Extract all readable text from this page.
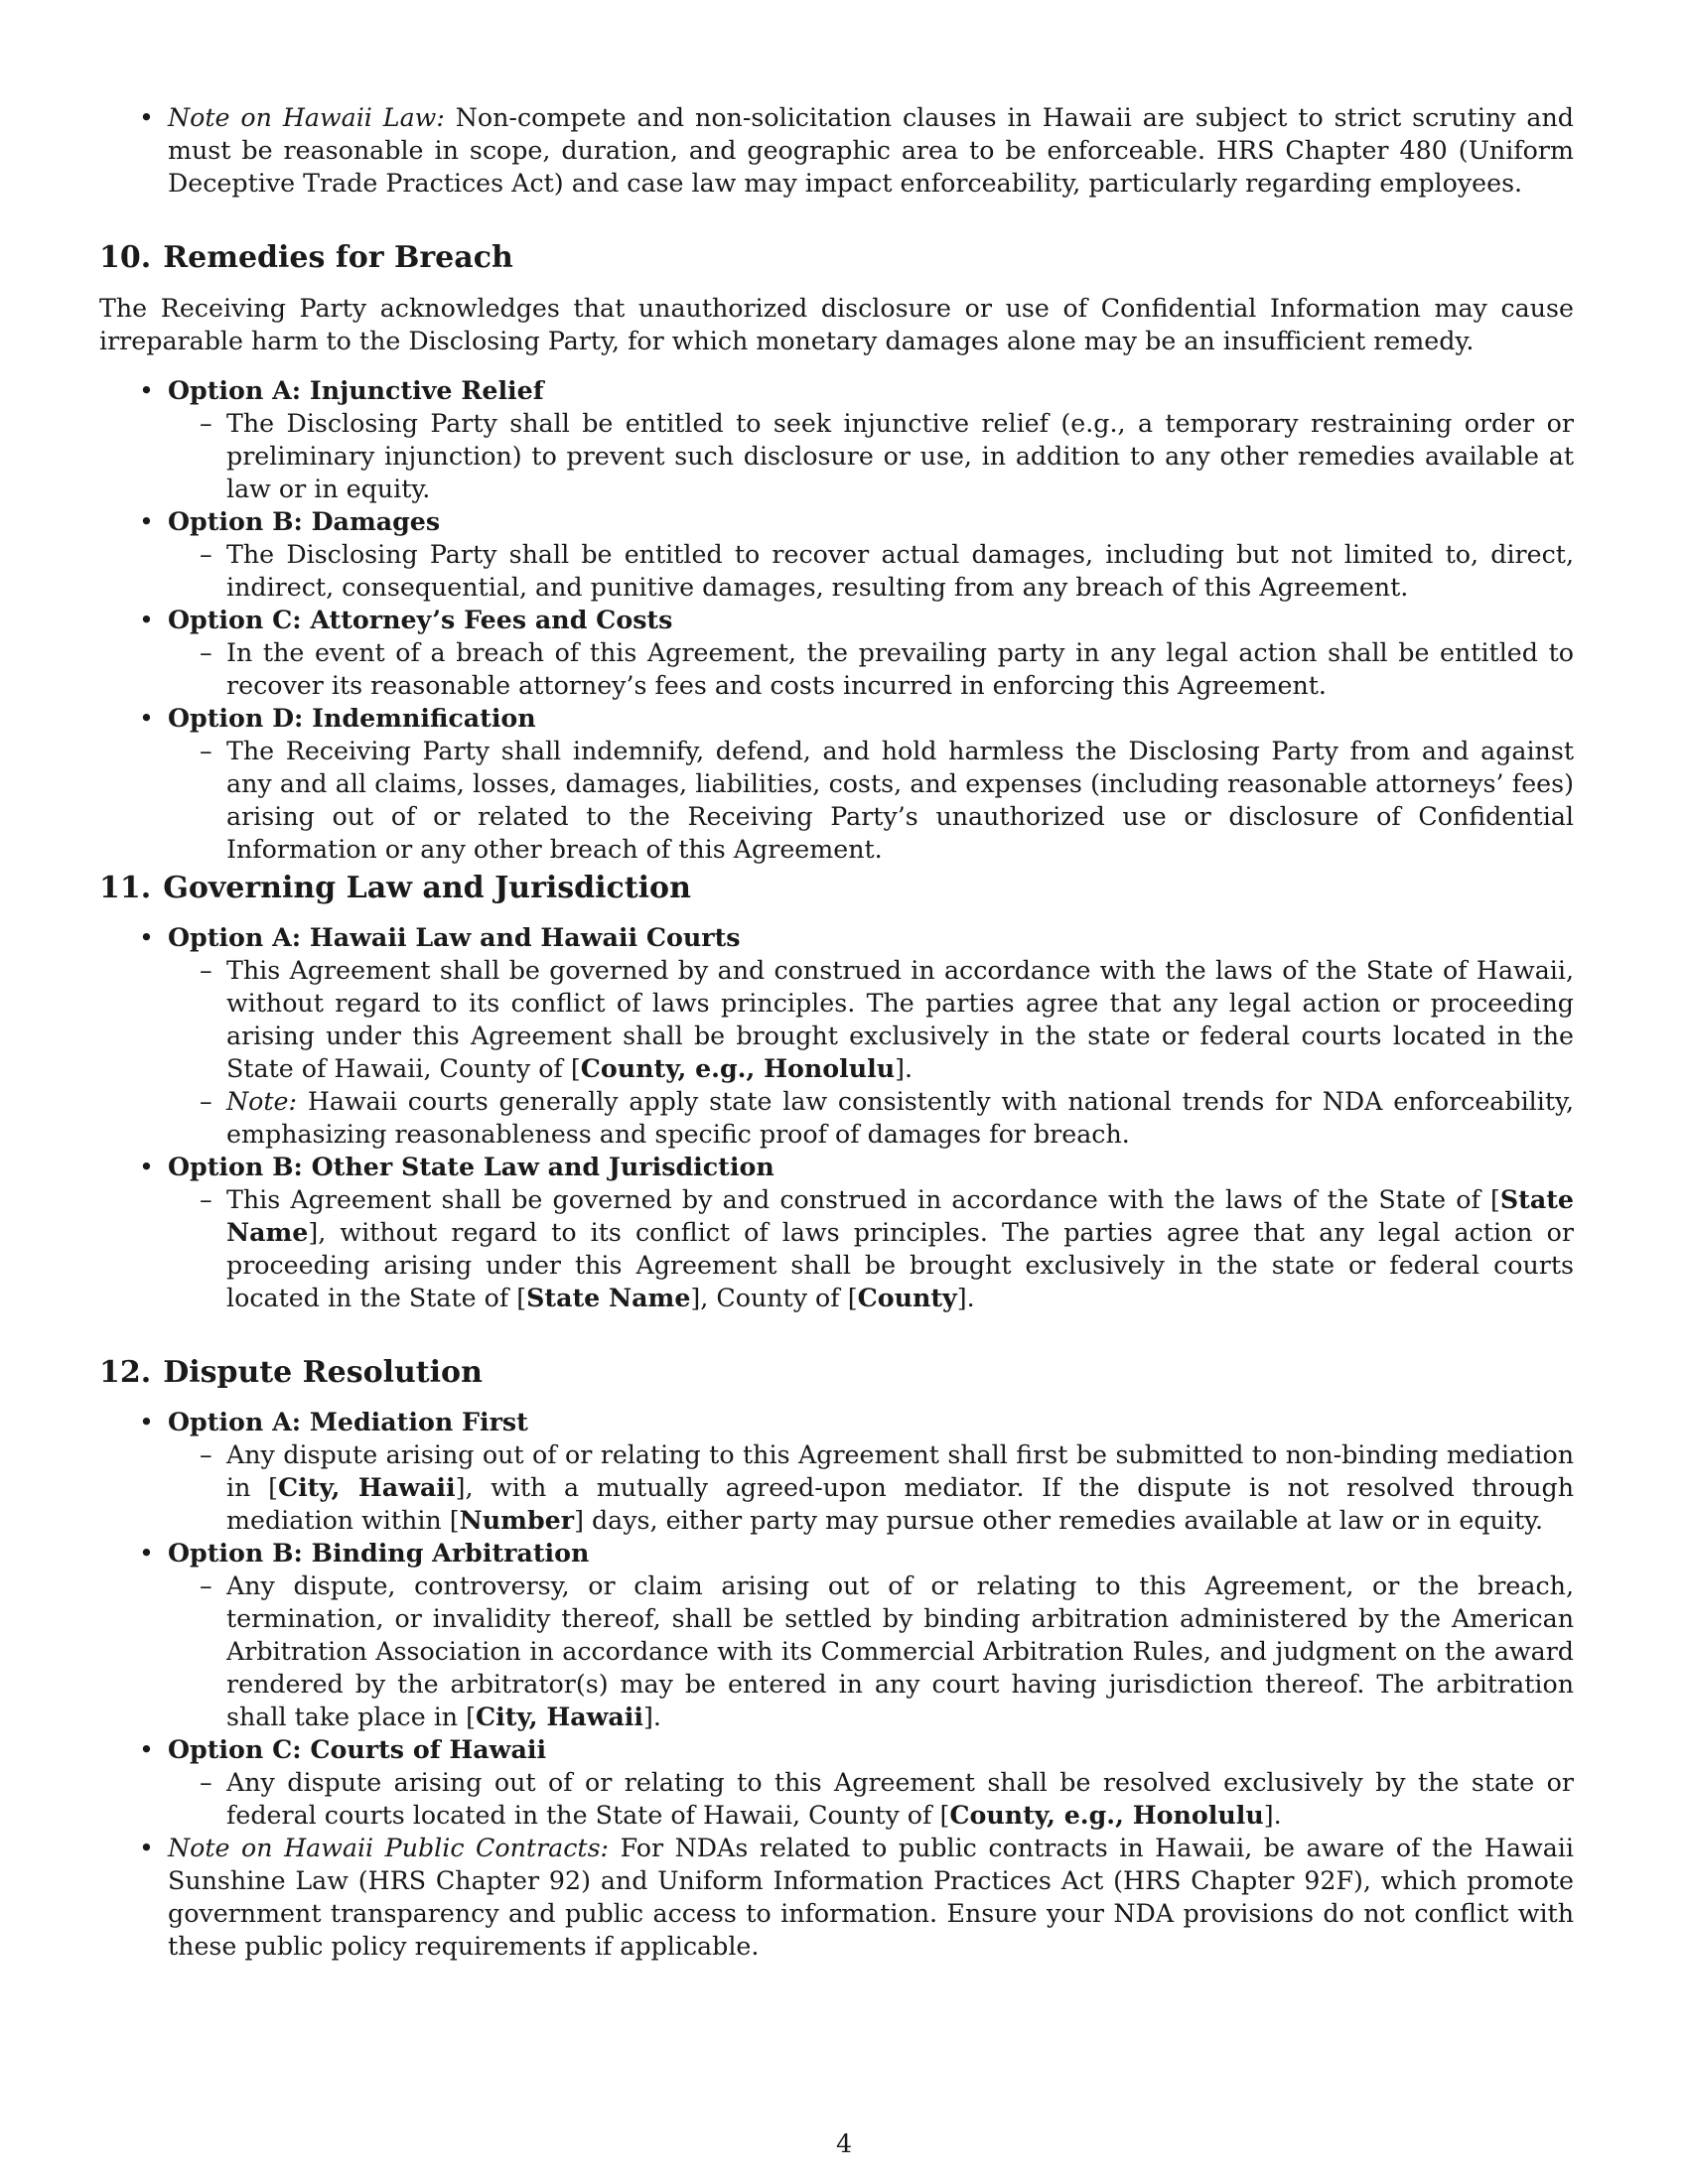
• Note on Hawaii Law: Non-compete and non-solicitation clauses in Hawaii are subject to strict scrutiny and must be reasonable in scope, duration, and geographic area to be enforceable. HRS Chapter 480 (Uniform Deceptive Trade Practices Act) and case law may impact enforceability, particularly regarding employees.
10. Remedies for Breach

The Receiving Party acknowledges that unauthorized disclosure or use of Confidential Information may cause irreparable harm to the Disclosing Party, for which monetary damages alone may be an insufficient remedy.

• Option A: Injunctive Relief
– The Disclosing Party shall be entitled to seek injunctive relief (e.g., a temporary restraining order or preliminary injunction) to prevent such disclosure or use, in addition to any other remedies available at law or in equity.
• Option B: Damages
– The Disclosing Party shall be entitled to recover actual damages, including but not limited to, direct, indirect, consequential, and punitive damages, resulting from any breach of this Agreement.
• Option C: Attorney’s Fees and Costs
– In the event of a breach of this Agreement, the prevailing party in any legal action shall be entitled to recover its reasonable attorney’s fees and costs incurred in enforcing this Agreement.
• Option D: Indemnification
– The Receiving Party shall indemnify, defend, and hold harmless the Disclosing Party from and against any and all claims, losses, damages, liabilities, costs, and expenses (including reasonable attorneys’ fees) arising out of or related to the Receiving Party’s unauthorized use or disclosure of Confidential Information or any other breach of this Agreement.
11. Governing Law and Jurisdiction
• Option A: Hawaii Law and Hawaii Courts
– This Agreement shall be governed by and construed in accordance with the laws of the State of Hawaii, without regard to its conflict of laws principles. The parties agree that any legal action or proceeding arising under this Agreement shall be brought exclusively in the state or federal courts located in the State of Hawaii, County of [County, e.g., Honolulu].
– Note: Hawaii courts generally apply state law consistently with national trends for NDA enforceability, emphasizing reasonableness and specific proof of damages for breach.
• Option B: Other State Law and Jurisdiction
– This Agreement shall be governed by and construed in accordance with the laws of the State of [State Name], without regard to its conflict of laws principles. The parties agree that any legal action or proceeding arising under this Agreement shall be brought exclusively in the state or federal courts located in the State of [State Name], County of [County].
12. Dispute Resolution
• Option A: Mediation First
– Any dispute arising out of or relating to this Agreement shall first be submitted to non-binding mediation in [City, Hawaii], with a mutually agreed-upon mediator. If the dispute is not resolved through mediation within [Number] days, either party may pursue other remedies available at law or in equity.
• Option B: Binding Arbitration
– Any dispute, controversy, or claim arising out of or relating to this Agreement, or the breach, termination, or invalidity thereof, shall be settled by binding arbitration administered by the American Arbitration Association in accordance with its Commercial Arbitration Rules, and judgment on the award rendered by the arbitrator(s) may be entered in any court having jurisdiction thereof. The arbitration shall take place in [City, Hawaii].
• Option C: Courts of Hawaii
– Any dispute arising out of or relating to this Agreement shall be resolved exclusively by the state or federal courts located in the State of Hawaii, County of [County, e.g., Honolulu].
• Note on Hawaii Public Contracts: For NDAs related to public contracts in Hawaii, be aware of the Hawaii Sunshine Law (HRS Chapter 92) and Uniform Information Practices Act (HRS Chapter 92F), which promote government transparency and public access to information. Ensure your NDA provisions do not conflict with these public policy requirements if applicable.
4
